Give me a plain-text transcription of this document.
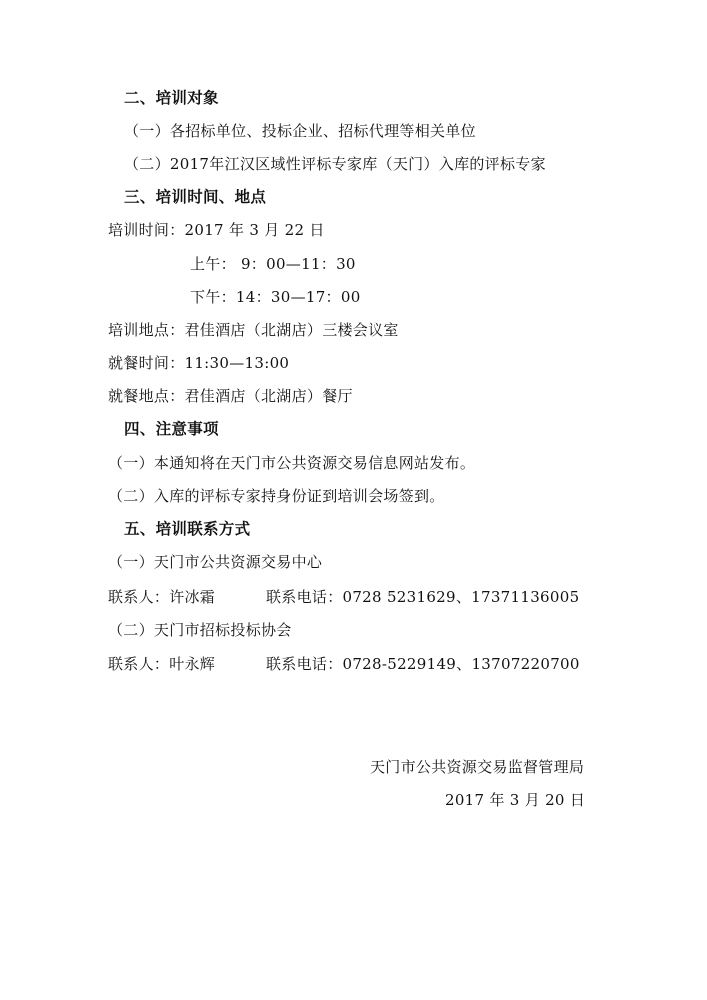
二、培训对象
（一）各招标单位、投标企业、招标代理等相关单位
（二）2017年江汉区域性评标专家库（天门）入库的评标专家
三、培训时间、地点
培训时间：2017 年 3 月 22 日
上午： 9：00—11：30
下午：14：30—17：00
培训地点：君佳酒店（北湖店）三楼会议室
就餐时间：11:30—13:00
就餐地点：君佳酒店（北湖店）餐厅
四、注意事项
（一）本通知将在天门市公共资源交易信息网站发布。
（二）入库的评标专家持身份证到培训会场签到。
五、培训联系方式
（一）天门市公共资源交易中心
联系人：许冰霜	联系电话：0728 5231629、17371136005
（二）天门市招标投标协会
联系人：叶永辉	联系电话：0728-5229149、13707220700
天门市公共资源交易监督管理局
2017 年 3 月 20 日
